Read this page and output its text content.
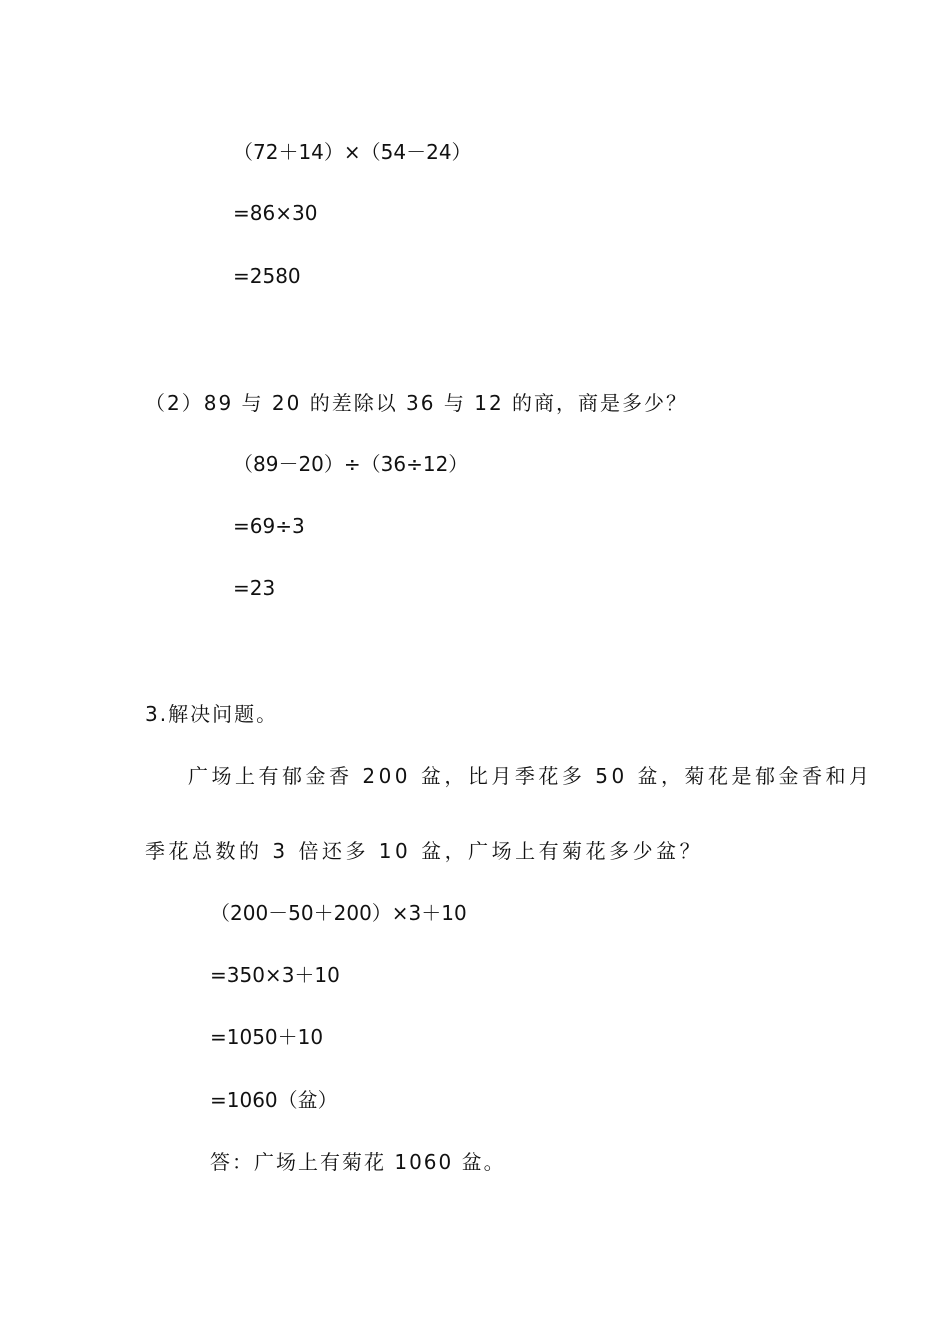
（72＋14）×（54－24）
=86×30
=2580
（2）89 与 20 的差除以 36 与 12 的商，商是多少？
（89－20）÷（36÷12）
=69÷3
=23
3.解决问题。
广场上有郁金香 200 盆，比月季花多 50 盆，菊花是郁金香和月
季花总数的 3 倍还多 10 盆，广场上有菊花多少盆？
（200－50＋200）×3＋10
=350×3＋10
=1050＋10
=1060（盆）
答：广场上有菊花 1060 盆。
